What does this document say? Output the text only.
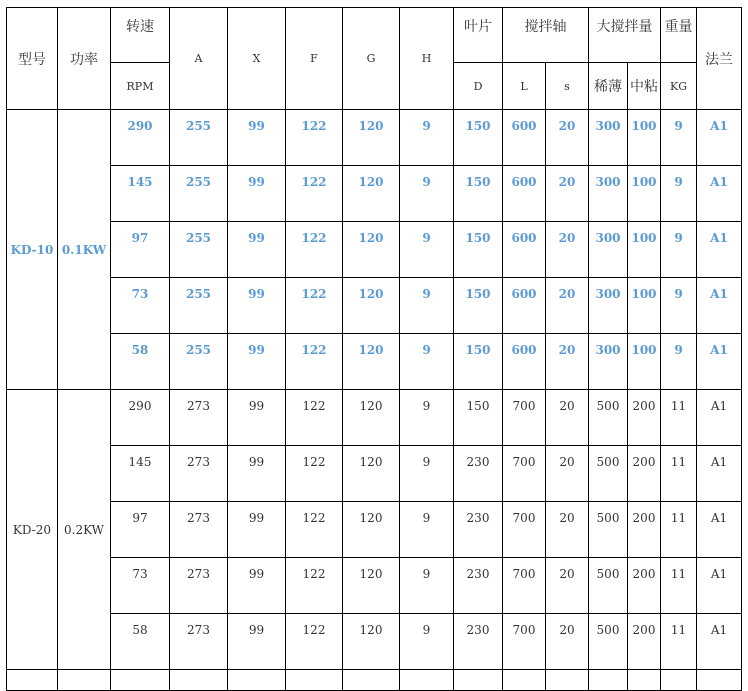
型号	功率	转速	A	X	F	G	H	叶片	搅拌轴		大搅拌量		重量	法兰
		RPM						D	L	s	稀薄	中粘	KG	
KD-10	0.1KW	290	255	99	122	120	9	150	600	20	300	100	9	A1
		145	255	99	122	120	9	150	600	20	300	100	9	A1
		97	255	99	122	120	9	150	600	20	300	100	9	A1
		73	255	99	122	120	9	150	600	20	300	100	9	A1
		58	255	99	122	120	9	150	600	20	300	100	9	A1
KD-20	0.2KW	290	273	99	122	120	9	150	700	20	500	200	11	A1
		145	273	99	122	120	9	230	700	20	500	200	11	A1
		97	273	99	122	120	9	230	700	20	500	200	11	A1
		73	273	99	122	120	9	230	700	20	500	200	11	A1
		58	273	99	122	120	9	230	700	20	500	200	11	A1
